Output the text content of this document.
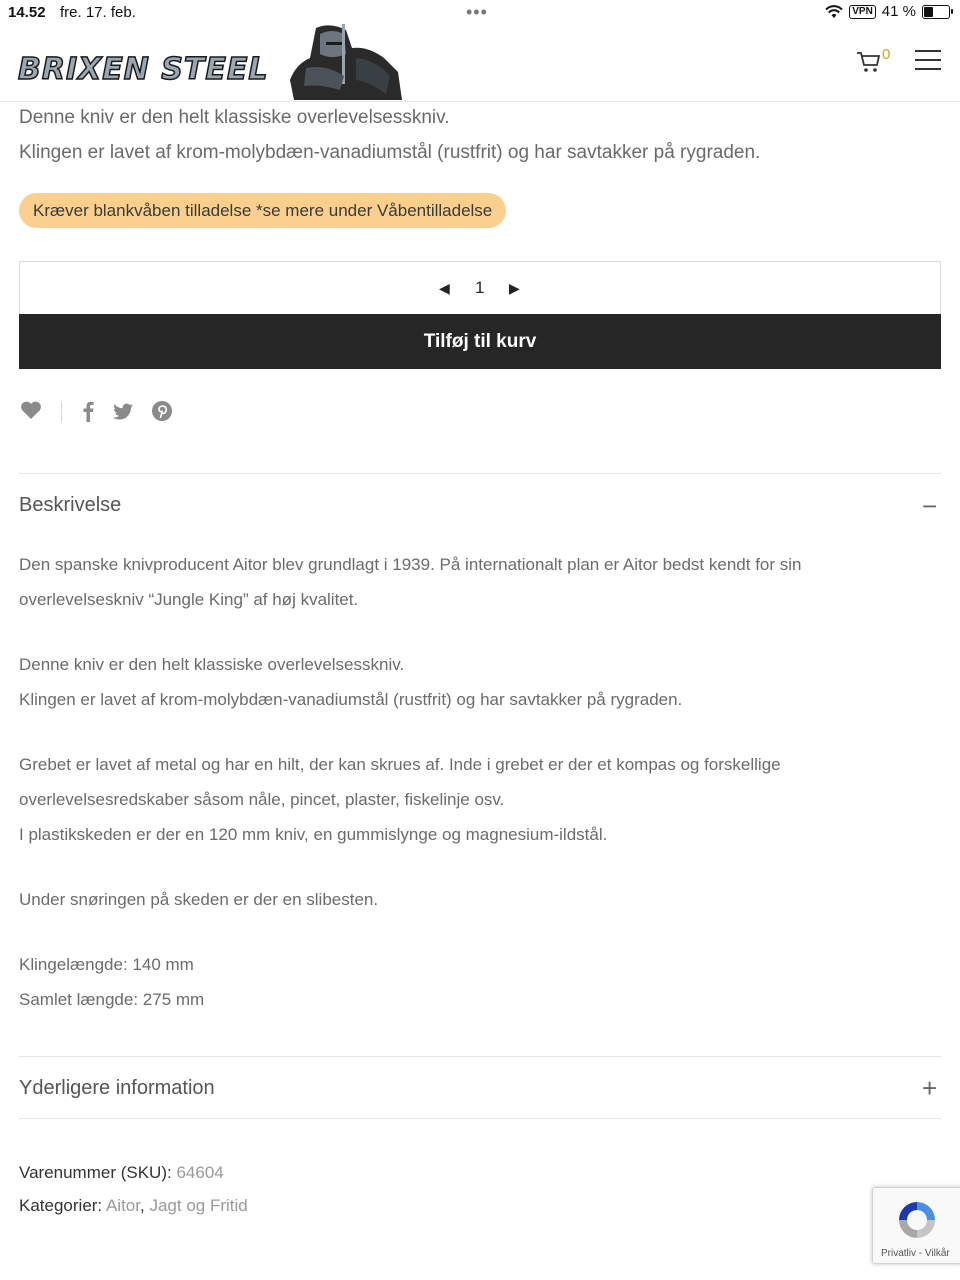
14.52 fre. 17. feb.	•••	VPN 41 %
BRIXEN STEEL	0
Denne kniv er den helt klassiske overlevelsesskniv.
Klingen er lavet af krom-molybdæn-vanadiumstål (rustfrit) og har savtakker på rygraden.
Kræver blankvåben tilladelse *se mere under Våbentilladelse
◀ 1 ▶
Tilføj til kurv
Beskrivelse	−
Den spanske knivproducent Aitor blev grundlagt i 1939. På internationalt plan er Aitor bedst kendt for sin
overlevelseskniv “Jungle King” af høj kvalitet.
Denne kniv er den helt klassiske overlevelsesskniv.
Klingen er lavet af krom-molybdæn-vanadiumstål (rustfrit) og har savtakker på rygraden.
Grebet er lavet af metal og har en hilt, der kan skrues af. Inde i grebet er der et kompas og forskellige
overlevelsesredskaber såsom nåle, pincet, plaster, fiskelinje osv.
I plastikskeden er der en 120 mm kniv, en gummislynge og magnesium-ildstål.
Under snøringen på skeden er der en slibesten.
Klingelængde: 140 mm
Samlet længde: 275 mm
Yderligere information	+
Varenummer (SKU): 64604
Kategorier: Aitor, Jagt og Fritid
Privatliv - Vilkår
